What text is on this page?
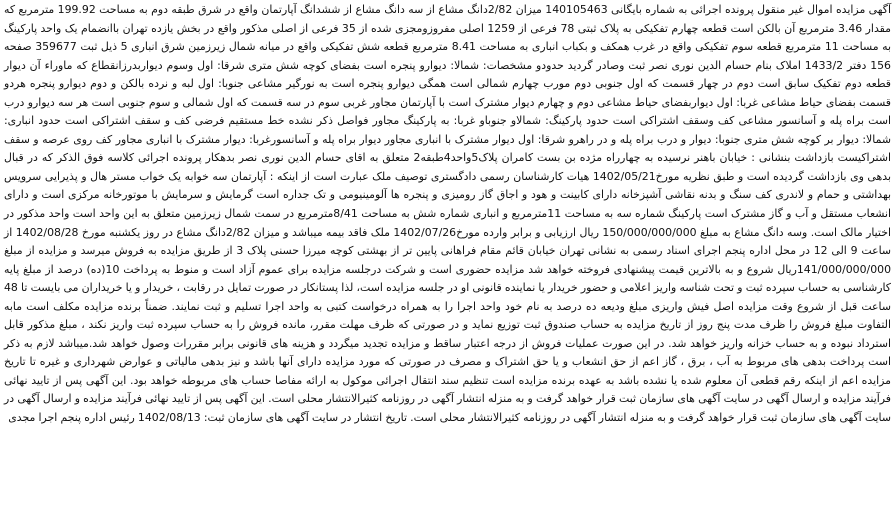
آگهی مزایده اموال غیر منقول پرونده اجرائی به شماره بایگانی 140105463 میزان 2/82دانگ مشاع از سه دانگ مشاع از ششدانگ آپارتمان واقع در شرق طبقه دوم به مساحت 199.92 مترمربع که مقدار 3.46 مترمربع آن بالکن است قطعه چهارم تفکیکی به پلاک ثبتی 78 فرعی از 1259 اصلی مفروزومجزی شده از 35 فرعی از اصلی مذکور واقع در بخش یازده تهران باانضمام یک واحد پارکینگ به مساحت 11 مترمربع قطعه سوم تفکیکی واقع در غرب همکف و بکباب انباری به مساحت 8.41 مترمربع قطعه شش تفکیکی واقع در میانه شمال زیرزمین شرق انباری 5 ذیل ثبت 359677 صفحه 156 دفتر 1433/2 املاک بنام حسام الدین نوری نصر ثبت وصادر گردید حدودو مشخصات: شمالا: دیوارو پنجره است بفضای کوچه شش متری شرقا: اول وسوم دیواربدرزانقطاع که ماوراء آن دیوار قطعه دوم تفکیک سابق است دوم در چهار قسمت که اول جنوبی دوم مورب چهارم شمالی است همگی دیوارو پنجره است به نورگیر مشاعی جنوبا: اول لبه و نرده بالکن و دوم دیوارو پنجره هردو قسمت بفضای حیاط مشاعی غربا: اول دیواربفضای حیاط مشاعی دوم و چهارم دیوار مشترک است با آپارتمان مجاور غربی سوم در سه قسمت که اول شمالی و سوم جنوبی است هر سه دیوارو درب است براه پله و آسانسور مشاعی کف وسقف اشتراکی است حدود پارکینگ: شمالاو جنوباو غربا: به پارکینگ مجاور فواصل ذکر نشده خط مستقیم فرضی کف و سقف اشتراکی است حدود انباری: شمالا: دیوار بر کوچه شش متری جنوبا: دیوار و درب براه پله و در راهرو شرقا: اول دیوار مشترک با انباری مجاور دیوار براه پله و آسانسورغربا: دیوار مشترک با انباری مجاور کف روی عرصه و سقف اشتراکیست بازداشت بنشانی : خیابان باهنر نرسیده به چهارراه مژده بن بست کامران پلاک5واحد4طبقه2 متعلق به اقای حسام الدین نوری نصر بدهکار پرونده اجرائی کلاسه فوق الذکر که در قبال بدهی وی بازداشت گردیده است و طبق نظریه مورخ1402/05/21 هیات کارشناسان رسمی دادگستری توصیف ملک عبارت است از اینکه : آپارتمان سه خوابه یک خواب مستر هال و پذیرایی سرویس بهداشتی و حمام و لاندری کف سنگ و بدنه نقاشی آشپزخانه دارای کابینت و هود و اجاق گاز رومیزی و پنجره ها آلومینیومی و تک جداره است گرمایش و سرمایش با موتورخانه مرکزی است و دارای انشعاب مستقل و آب و گاز مشترک است پارکینگ شماره سه به مساحت 11مترمربع و انباری شماره شش به مساحت 8/41مترمربع در سمت شمال زیرزمین متعلق به این واحد است واحد مذکور در اختیار مالک است. وسه دانگ مشاع به مبلغ 150/000/000/000 ریال ارزیابی و برابر وارده مورخ1402/07/26 ملک فاقد بیمه میباشد و میزان 2/82دانگ مشاع در روز یکشنبه مورخ 1402/08/28 از ساعت 9 الی 12 در محل اداره پنجم اجرای اسناد رسمی به نشانی تهران خیابان قائم مقام فراهانی پایین تر از بهشتی کوچه میرزا حسنی پلاک 3 از طریق مزایده به فروش میرسد و مزایده از مبلغ 141/000/000/000ریال شروع و به بالاترین قیمت پیشنهادی فروخته خواهد شد مزایده حضوری است و شرکت درجلسه مزایده برای عموم آزاد است و منوط به پرداخت 10(ده) درصد از مبلغ پایه کارشناسی به حساب سپرده ثبت و تحت شناسه واریز اعلامی و حضور خریدار یا نماینده قانونی او در جلسه مزایده است، لذا پستانکار در صورت تمایل در رقابت ، خریدار و یا خریداران می بایست تا 48 ساعت قبل از شروع وقت مزایده اصل فیش واریزی مبلغ ودیعه ده درصد به نام خود واحد اجرا را به همراه درخواست کتبی به واحد اجرا تسلیم و ثبت نمایند. ضمناً برنده مزایده مکلف است مابه التفاوت مبلغ فروش را ظرف مدت پنج روز از تاریخ مزایده به حساب صندوق ثبت توزیع نماید و در صورتی که ظرف مهلت مقرر، مانده فروش را به حساب سپرده ثبت واریز نکند ، مبلغ مذکور قابل استرداد نبوده و به حساب خزانه واریز خواهد شد. در این صورت عملیات فروش از درجه اعتبار ساقط و مزایده تجدید میگردد و هزینه های قانونی برابر مقررات وصول خواهد شد.میباشد لازم به ذکر است پرداخت بدهی های مربوط به آب ، برق ، گاز اعم از حق انشعاب و یا حق اشتراک و مصرف در صورتی که مورد مزایده دارای آنها باشد و نیز بدهی مالیاتی و عوارض شهرداری و غیره تا تاریخ مزایده اعم از اینکه رقم قطعی آن معلوم شده یا نشده باشد به عهده برنده مزایده است تنظیم سند انتقال اجرائی موکول به ارائه مفاصا حساب های مربوطه خواهد بود. این آگهی پس از تایید نهائی فرآیند مزایده و ارسال آگهی در سایت آگهی های سازمان ثبت قرار خواهد گرفت و به منزله انتشار آگهی در روزنامه کثیرالانتشار محلی است. این آگهی پس از تایید نهائی فرآیند مزایده و ارسال آگهی در سایت آگهی های سازمان ثبت قرار خواهد گرفت و به منزله انتشار آگهی در روزنامه کثیرالانتشار محلی است. تاریخ انتشار در سایت آگهی های سازمان ثبت: 1402/08/13 رئیس اداره پنجم اجرا مجدی
